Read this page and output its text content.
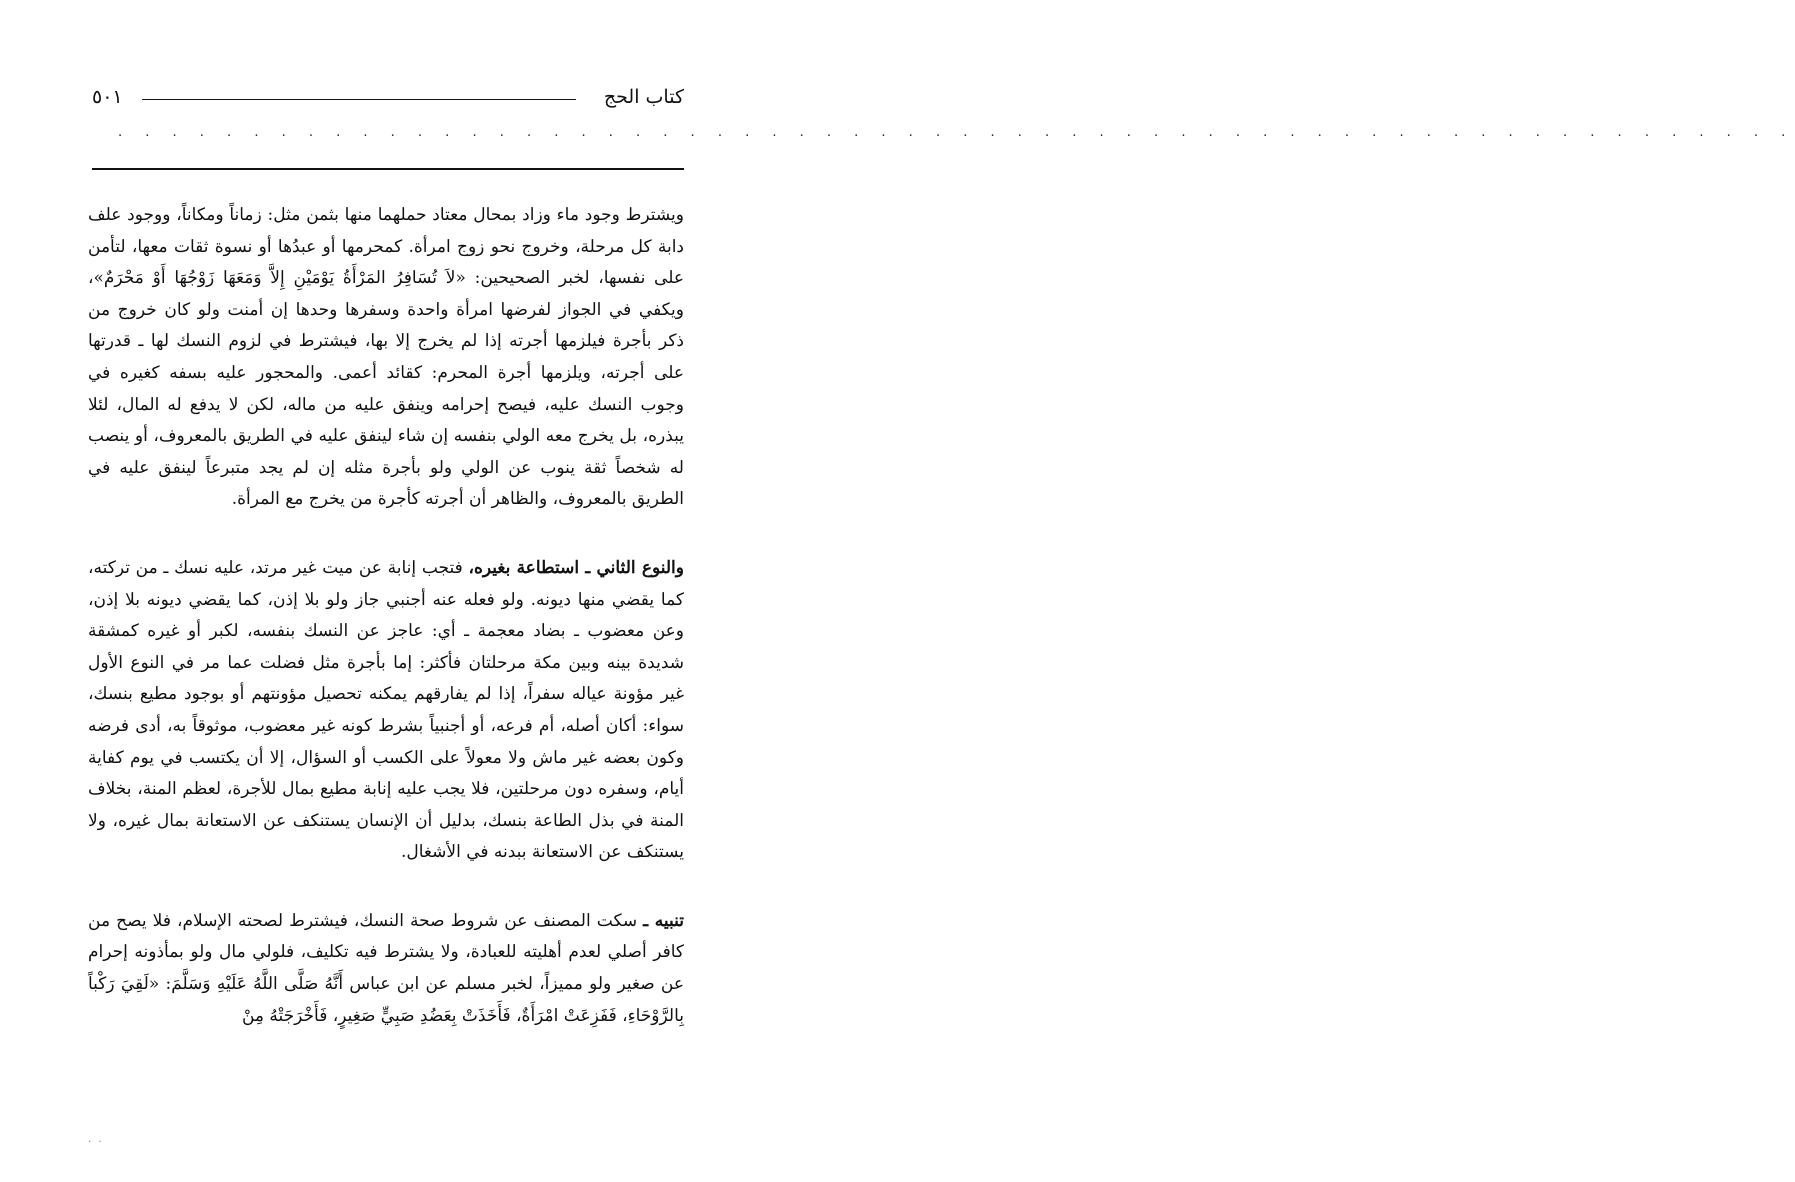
كتاب الحج
٥٠١
. . . . . . . . . . . . . . . . . . . . . . . . . . . . . . . . . . . . . . . . . . . . . . . . . . . . . . . . . . . . . .

ويشترط وجود ماء وزاد بمحال معتاد حملهما منها بثمن مثل: زماناً ومكاناً، ووجود علف دابة كل مرحلة، وخروج نحو زوج امرأة. كمحرمها أو عبدُها أو نسوة ثقات معها، لتأمن على نفسها، لخبر الصحيحين: «لاَ تُسَافِرُ المَرْأَةُ يَوْمَيْنِ إِلاَّ وَمَعَهَا زَوْجُهَا أَوْ مَحْرَمٌ»، ويكفي في الجواز لفرضها امرأة واحدة وسفرها وحدها إن أمنت ولو كان خروج من ذكر بأجرة فيلزمها أجرته إذا لم يخرج إلا بها، فيشترط في لزوم النسك لها ـ قدرتها على أجرته، ويلزمها أجرة المحرم: كقائد أعمى. والمحجور عليه بسفه كغيره في وجوب النسك عليه، فيصح إحرامه وينفق عليه من ماله، لكن لا يدفع له المال، لئلا يبذره، بل يخرج معه الولي بنفسه إن شاء لينفق عليه في الطريق بالمعروف، أو ينصب له شخصاً ثقة ينوب عن الولي ولو بأجرة مثله إن لم يجد متبرعاً لينفق عليه في الطريق بالمعروف، والظاهر أن أجرته كأجرة من يخرج مع المرأة.

والنوع الثاني ـ استطاعة بغيره، فتجب إنابة عن ميت غير مرتد، عليه نسك ـ من تركته، كما يقضي منها ديونه. ولو فعله عنه أجنبي جاز ولو بلا إذن، كما يقضي ديونه بلا إذن، وعن معضوب ـ بضاد معجمة ـ أي: عاجز عن النسك بنفسه، لكبر أو غيره كمشقة شديدة بينه وبين مكة مرحلتان فأكثر: إما بأجرة مثل فضلت عما مر في النوع الأول غير مؤونة عياله سفراً، إذا لم يفارقهم يمكنه تحصيل مؤونتهم أو بوجود مطيع بنسك، سواء: أكان أصله، أم فرعه، أو أجنبياً بشرط كونه غير معضوب، موثوقاً به، أدى فرضه وكون بعضه غير ماش ولا معولاً على الكسب أو السؤال، إلا أن يكتسب في يوم كفاية أيام، وسفره دون مرحلتين، فلا يجب عليه إنابة مطيع بمال للأجرة، لعظم المنة، بخلاف المنة في بذل الطاعة بنسك، بدليل أن الإنسان يستنكف عن الاستعانة بمال غيره، ولا يستنكف عن الاستعانة ببدنه في الأشغال.

تنبيه ـ سكت المصنف عن شروط صحة النسك، فيشترط لصحته الإسلام، فلا يصح من كافر أصلي لعدم أهليته للعبادة، ولا يشترط فيه تكليف، فلولي مال ولو بمأذونه إحرام عن صغير ولو مميزاً، لخبر مسلم عن ابن عباس أَنَّهُ صَلَّى اللَّهُ عَلَيْهِ وَسَلَّمَ: «لَقِيَ رَكْباً بِالرَّوْحَاءِ، فَفَزِعَتْ امْرَأَةٌ، فَأَخَذَتْ بِعَضُدِ صَبِيٍّ صَغِيرٍ، فَأَخْرَجَتْهُ مِنْ

. .
